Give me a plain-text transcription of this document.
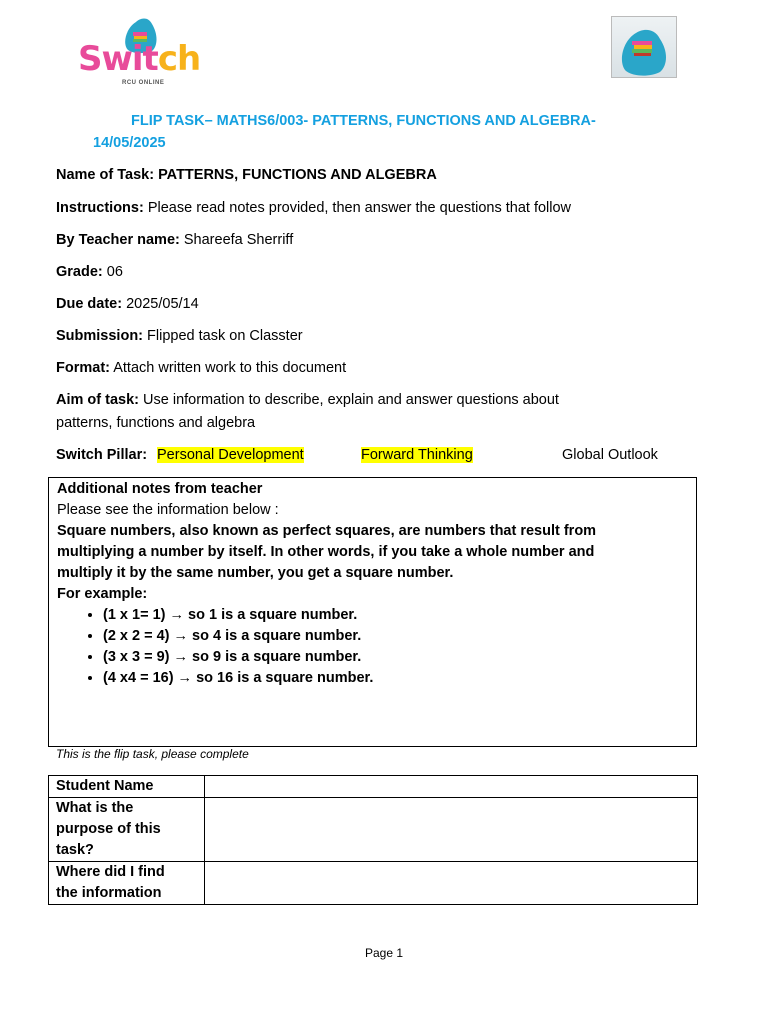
Switch
RCU ONLINE
FLIP TASK– MATHS6/003- PATTERNS, FUNCTIONS AND ALGEBRA-
14/05/2025
Name of Task: PATTERNS, FUNCTIONS AND ALGEBRA
Instructions: Please read notes provided, then answer the questions that follow
By Teacher name: Shareefa Sherriff
Grade: 06
Due date: 2025/05/14
Submission: Flipped task on Classter
Format: Attach written work to this document
Aim of task: Use information to describe, explain and answer questions about
patterns, functions and algebra
Switch Pillar: Personal Development	Forward Thinking	Global Outlook
Additional notes from teacher
Please see the information below :
Square numbers, also known as perfect squares, are numbers that result from
multiplying a number by itself. In other words, if you take a whole number and
multiply it by the same number, you get a square number.
For example:
• (1 x 1= 1) → so 1 is a square number.
• (2 x 2 = 4) → so 4 is a square number.
• (3 x 3 = 9) → so 9 is a square number.
• (4 x4 = 16) → so 16 is a square number.
This is the flip task, please complete
Student Name	

What is the
purpose of this
task?	

Where did I find
the information	

Page 1
